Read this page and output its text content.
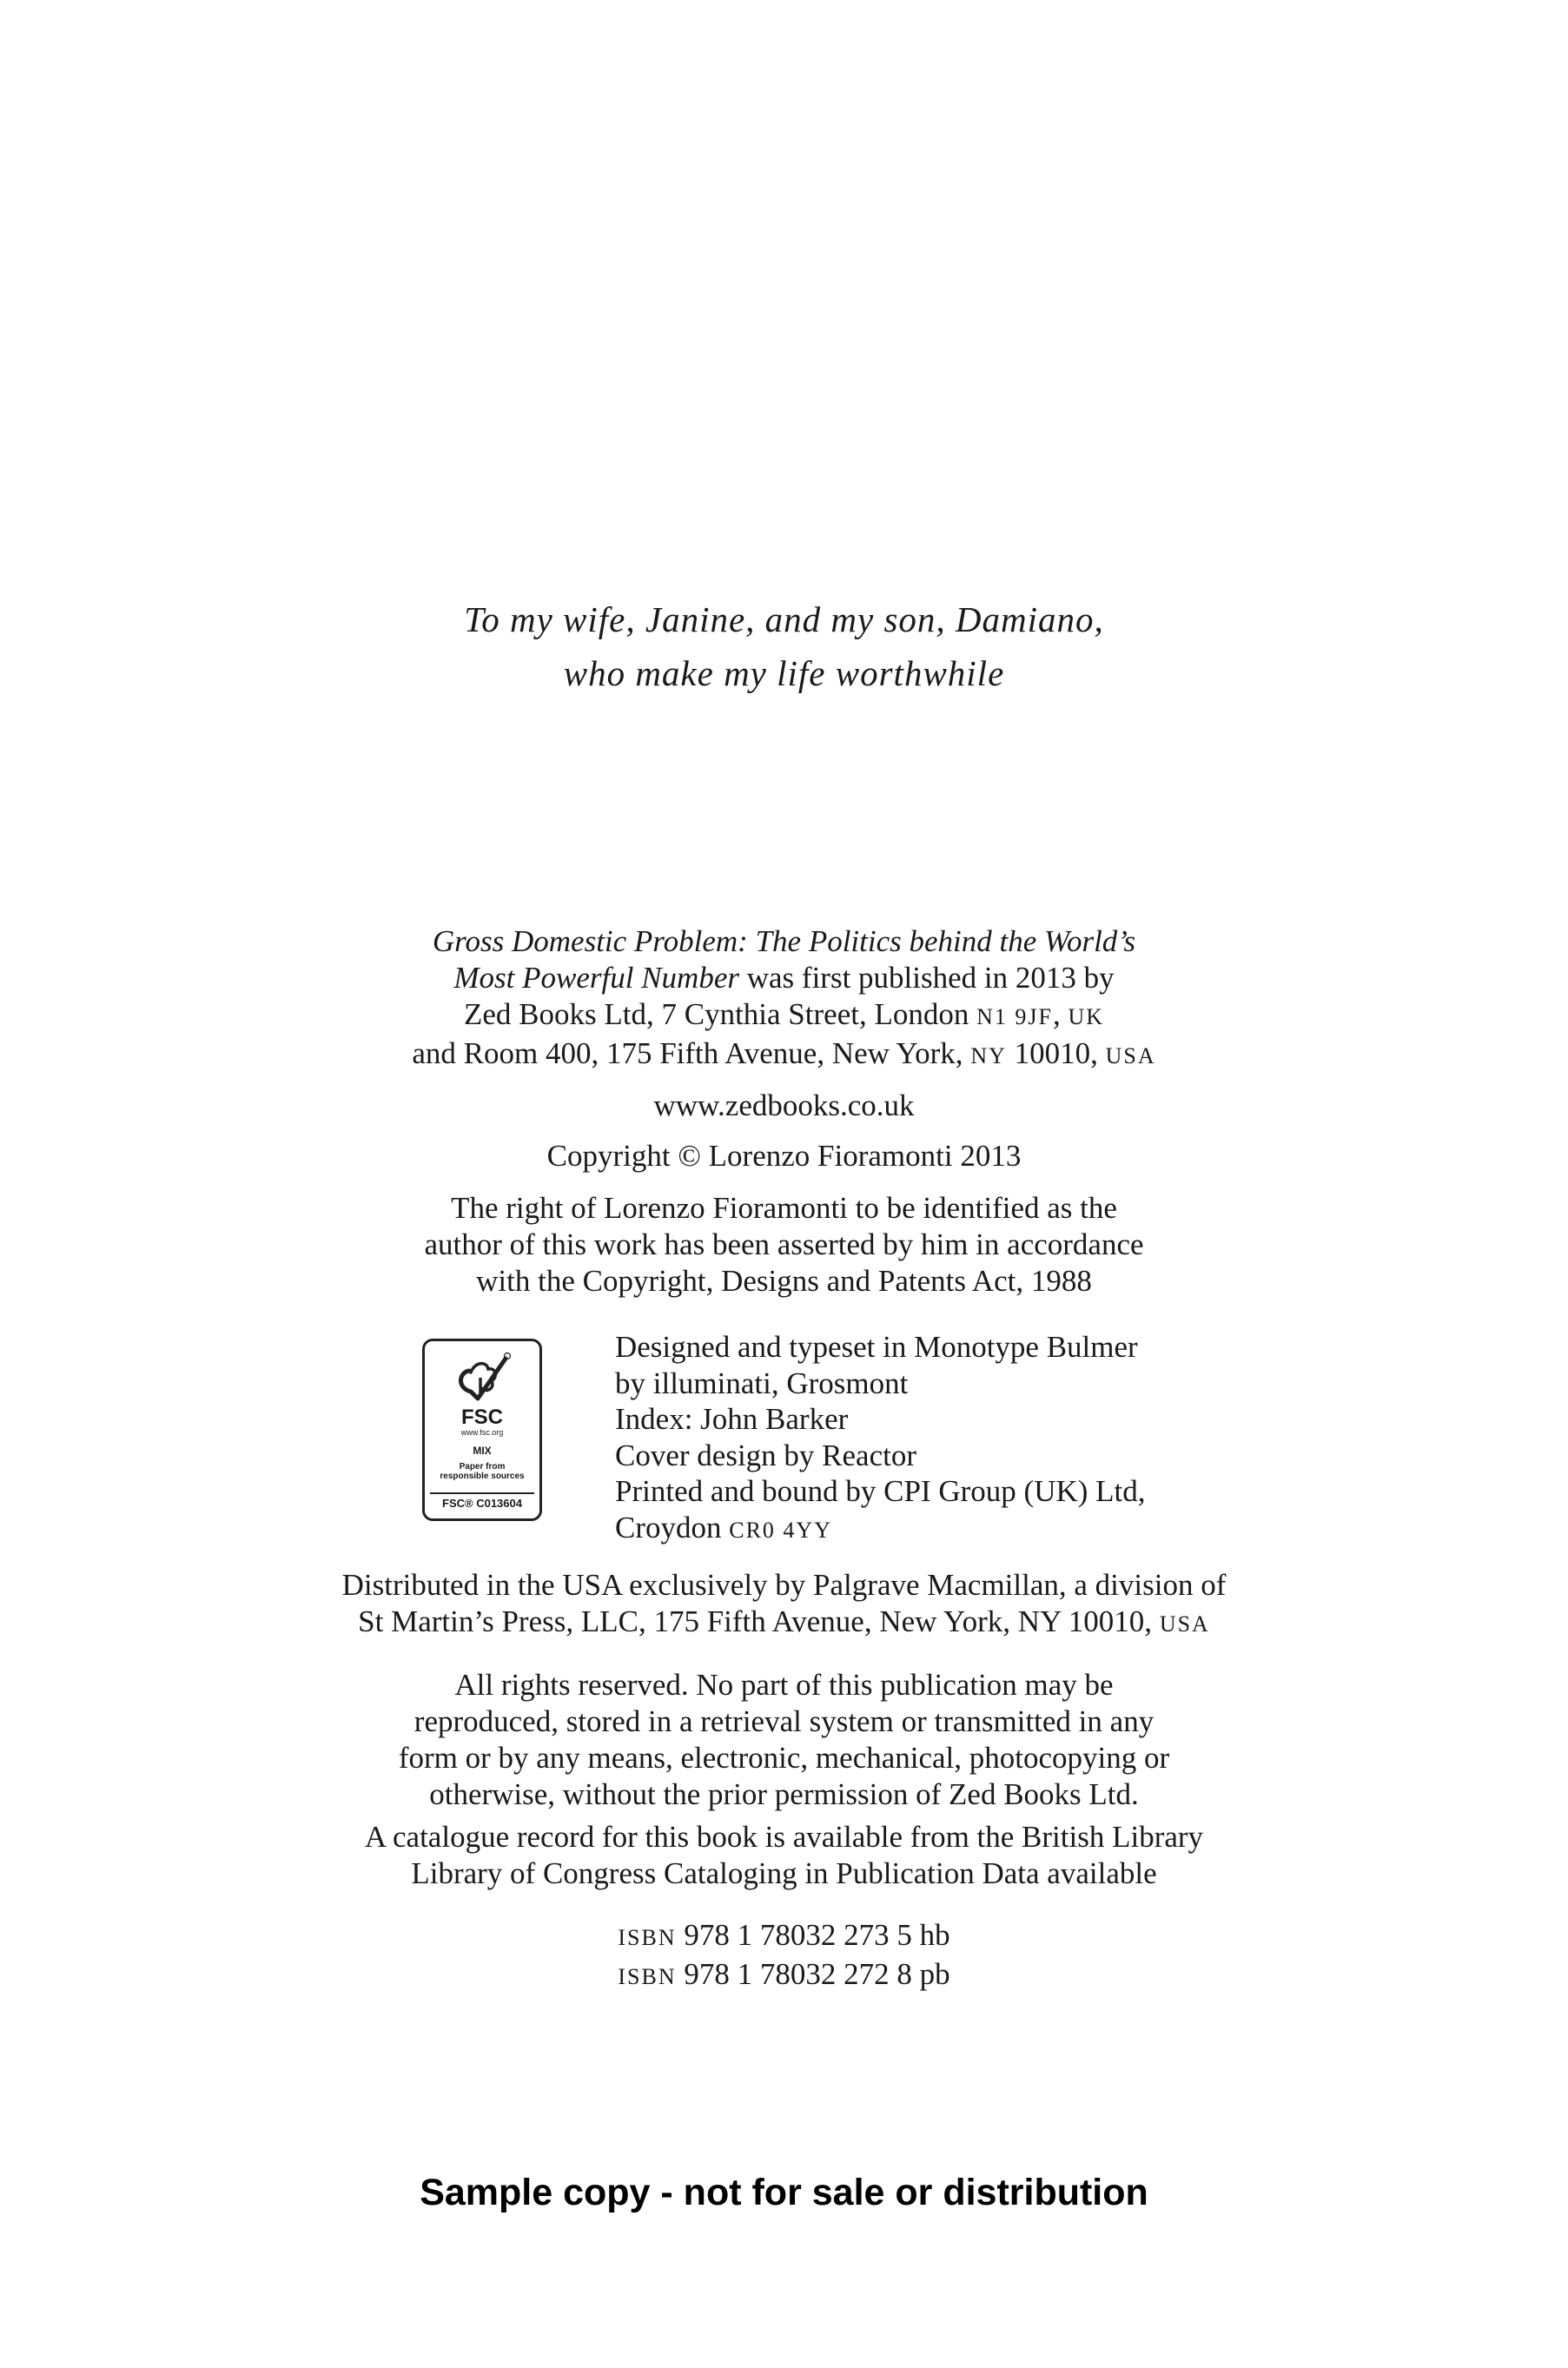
To my wife, Janine, and my son, Damiano,
who make my life worthwhile
Gross Domestic Problem: The Politics behind the World’s
Most Powerful Number was first published in 2013 by
Zed Books Ltd, 7 Cynthia Street, London N1 9JF, UK
and Room 400, 175 Fifth Avenue, New York, NY 10010, USA
www.zedbooks.co.uk
Copyright © Lorenzo Fioramonti 2013
The right of Lorenzo Fioramonti to be identified as the
author of this work has been asserted by him in accordance
with the Copyright, Designs and Patents Act, 1988
FSC
www.fsc.org
MIX
Paper from
responsible sources
FSC® C013604
Designed and typeset in Monotype Bulmer
by illuminati, Grosmont
Index: John Barker
Cover design by Reactor
Printed and bound by CPI Group (UK) Ltd,
Croydon CR0 4YY
Distributed in the USA exclusively by Palgrave Macmillan, a division of
St Martin’s Press, LLC, 175 Fifth Avenue, New York, NY 10010, USA
All rights reserved. No part of this publication may be
reproduced, stored in a retrieval system or transmitted in any
form or by any means, electronic, mechanical, photocopying or
otherwise, without the prior permission of Zed Books Ltd.
A catalogue record for this book is available from the British Library
Library of Congress Cataloging in Publication Data available
ISBN 978 1 78032 273 5 hb
ISBN 978 1 78032 272 8 pb
Sample copy - not for sale or distribution
